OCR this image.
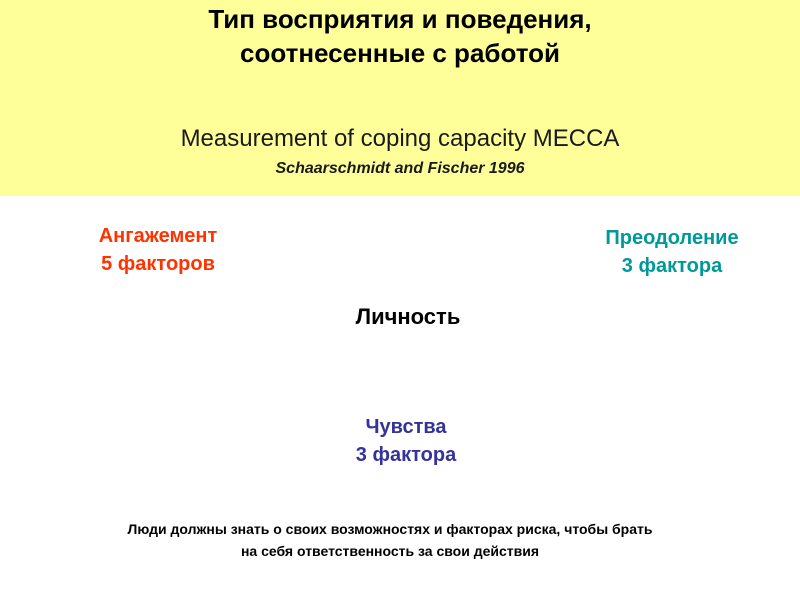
Тип восприятия и поведения,
соотнесенные с работой
Measurement of coping capacity MECCA
Schaarschmidt and Fischer 1996
Ангажемент
5 факторов
Преодоление
3 фактора
Личность
Чувства
3 фактора
Люди должны знать о своих возможностях и факторах риска, чтобы брать
на себя ответственность за свои действия
